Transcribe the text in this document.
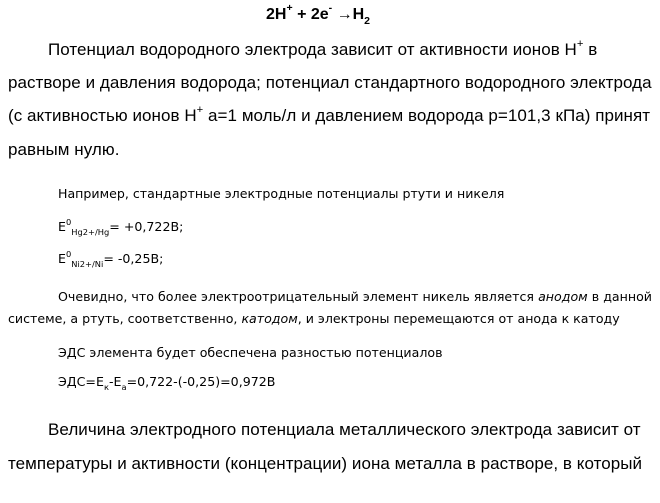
$2H^+ + 2e^- \to H_2$
Потенциал водородного электрода зависит от активности ионов H+ в
растворе и давления водорода; потенциал стандартного водородного электрода
(с активностью ионов H+ a=1 моль/л и давлением водорода p=101,3 кПа) принят
равным нулю.
Например, стандартные электродные потенциалы ртути и никеля
$E^0_{Hg2+/Hg}= +0,722B$;
$E^0_{Ni2+/Ni}= -0,25B$;
Очевидно, что более электроотрицательный элемент никель является анодом в данной
системе, а ртуть, соответственно, катодом, и электроны перемещаются от анода к катоду
ЭДС элемента будет обеспечена разностью потенциалов
$ЭДС=E_к-E_а=0,722-(-0,25)=0,972B$
Величина электродного потенциала металлического электрода зависит от
температуры и активности (концентрации) иона металла в растворе, в который
